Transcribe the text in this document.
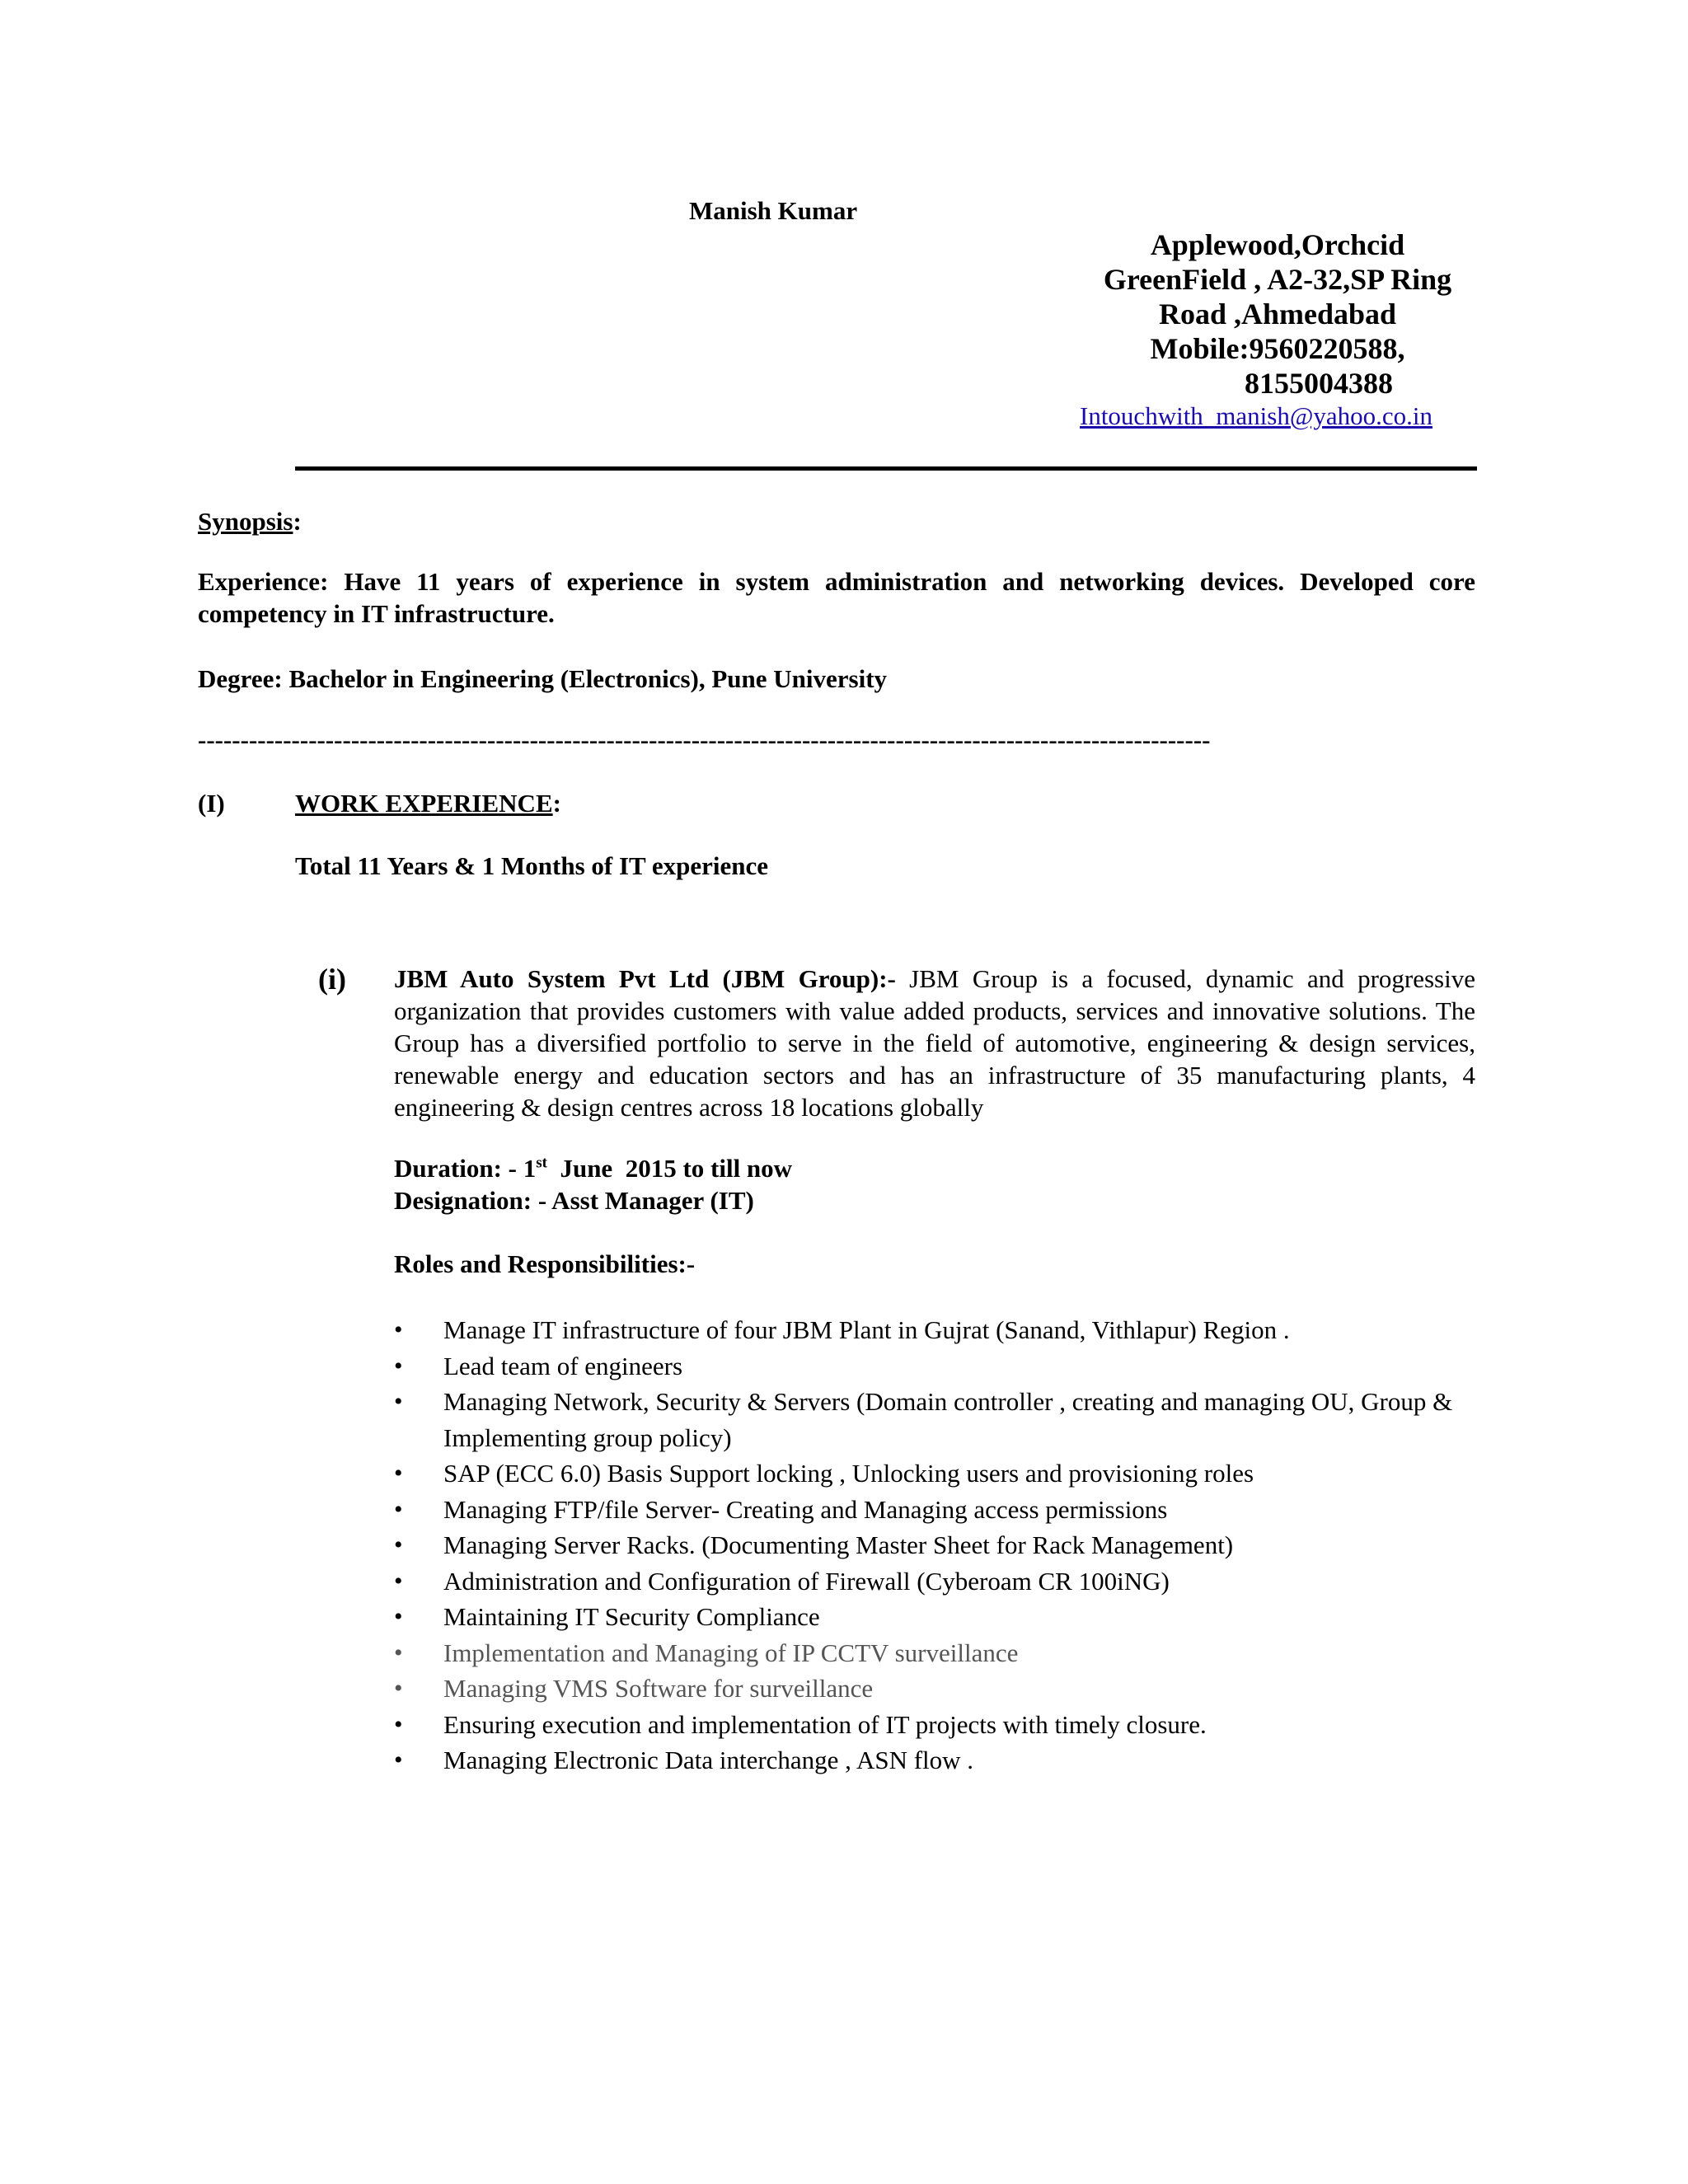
Manish Kumar
Applewood,Orchcid
GreenField , A2-32,SP Ring
Road ,Ahmedabad
Mobile:9560220588,
8155004388
Intouchwith_manish@yahoo.co.in
Synopsis:
Experience: Have 11 years of experience in system administration and networking devices. Developed core competency in IT infrastructure.
Degree: Bachelor in Engineering (Electronics), Pune University
-----------------------------------------------------------------------------------------------------------------------
(I)	WORK EXPERIENCE:
Total 11 Years & 1 Months of IT experience
(i) JBM Auto System Pvt Ltd (JBM Group):- JBM Group is a focused, dynamic and progressive organization that provides customers with value added products, services and innovative solutions. The Group has a diversified portfolio to serve in the field of automotive, engineering & design services, renewable energy and education sectors and has an infrastructure of 35 manufacturing plants, 4 engineering & design centres across 18 locations globally
Duration: - 1st  June  2015 to till now
Designation: - Asst Manager (IT)
Roles and Responsibilities:-
• Manage IT infrastructure of four JBM Plant in Gujrat (Sanand, Vithlapur) Region .
• Lead team of engineers
• Managing Network, Security & Servers (Domain controller , creating and managing OU, Group & Implementing group policy)
• SAP (ECC 6.0) Basis Support locking , Unlocking users and provisioning roles
• Managing FTP/file Server- Creating and Managing access permissions
• Managing Server Racks. (Documenting Master Sheet for Rack Management)
• Administration and Configuration of Firewall (Cyberoam CR 100iNG)
• Maintaining IT Security Compliance
• Implementation and Managing of IP CCTV surveillance
• Managing VMS Software for surveillance
• Ensuring execution and implementation of IT projects with timely closure.
• Managing Electronic Data interchange , ASN flow .
